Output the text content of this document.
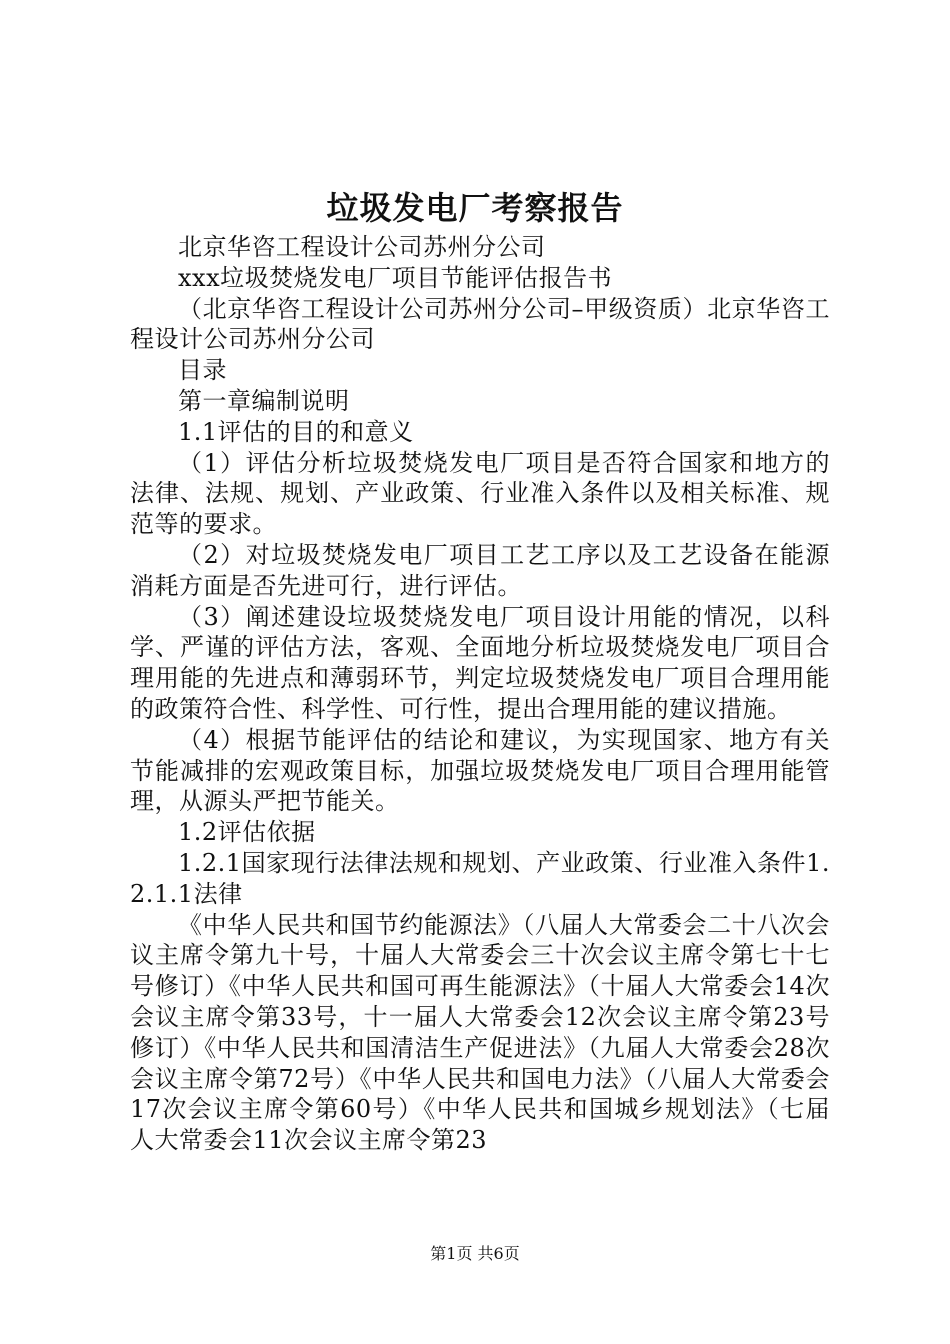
垃圾发电厂考察报告

北京华咨工程设计公司苏州分公司

xxx垃圾焚烧发电厂项目节能评估报告书

（北京华咨工程设计公司苏州分公司–甲级资质）北京华咨工程设计公司苏州分公司

目录

第一章编制说明

1.1评估的目的和意义

（1）评估分析垃圾焚烧发电厂项目是否符合国家和地方的法律、法规、规划、产业政策、行业准入条件以及相关标准、规范等的要求。

（2）对垃圾焚烧发电厂项目工艺工序以及工艺设备在能源消耗方面是否先进可行，进行评估。

（3）阐述建设垃圾焚烧发电厂项目设计用能的情况，以科学、严谨的评估方法，客观、全面地分析垃圾焚烧发电厂项目合理用能的先进点和薄弱环节，判定垃圾焚烧发电厂项目合理用能的政策符合性、科学性、可行性，提出合理用能的建议措施。

（4）根据节能评估的结论和建议，为实现国家、地方有关节能减排的宏观政策目标，加强垃圾焚烧发电厂项目合理用能管理，从源头严把节能关。

1.2评估依据

1.2.1国家现行法律法规和规划、产业政策、行业准入条件1.2.1.1法律

《中华人民共和国节约能源法》（八届人大常委会二十八次会议主席令第九十号，十届人大常委会三十次会议主席令第七十七号修订）《中华人民共和国可再生能源法》（十届人大常委会14次会议主席令第33号，十一届人大常委会12次会议主席令第23号修订）《中华人民共和国清洁生产促进法》（九届人大常委会28次会议主席令第72号）《中华人民共和国电力法》（八届人大常委会17次会议主席令第60号）《中华人民共和国城乡规划法》（七届人大常委会11次会议主席令第23

第1页 共6页
